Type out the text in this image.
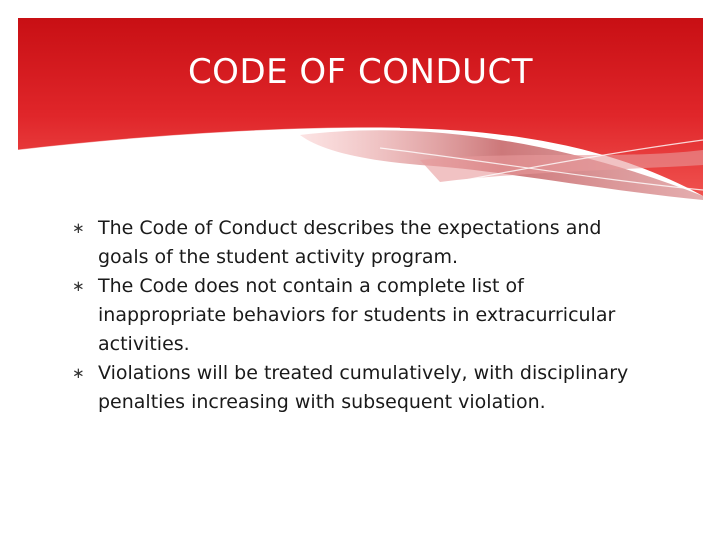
CODE OF CONDUCT
∗ The Code of Conduct describes the expectations and goals of the student activity program.
∗ The Code does not contain a complete list of inappropriate behaviors for students in extracurricular activities.
∗ Violations will be treated cumulatively, with disciplinary penalties increasing with subsequent violation.
